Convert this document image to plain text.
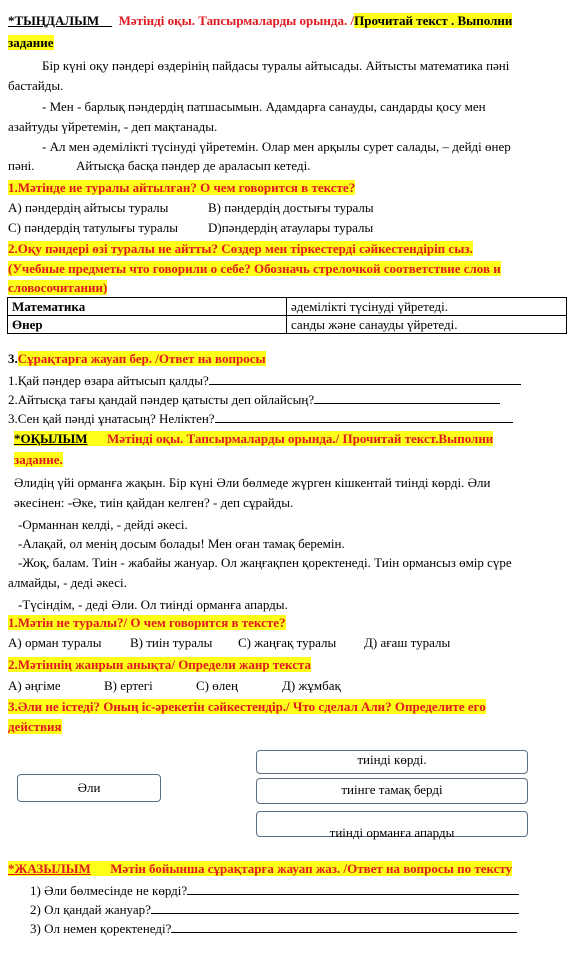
*ТЫҢДАЛЫМ Мәтінді оқы. Тапсырмаларды орында. /Прочитай текст . Выполни
задание
Бір күні оқу пәндері өздерінің пайдасы туралы айтысады. Айтысты математика пәні
бастайды.
- Мен - барлық пәндердің патшасымын. Адамдарға санауды, сандарды қосу мен
азайтуды үйретемін, - деп мақтанады.
- Ал мен әдемілікті түсінуді үйретемін. Олар мен арқылы сурет салады, – дейді өнер
пәні.	Айтысқа басқа пәндер де араласып кетеді.
1.Мәтінде не туралы айтылған? О чем говорится в тексте?
A) пәндердің айтысы туралы	B) пәндердің достығы туралы
C) пәндердің татулығы туралы D)пәндердің атаулары туралы
2.Оқу пәндері өзі туралы не айтты? Сөздер мен тіркестерді сәйкестендіріп сыз.
(Учебные предметы что говорили о себе? Обозначь стрелочкой соответствие слов и
словосочитании)
Математика	әдемілікті түсінуді үйретеді.
Өнер	санды және санауды үйретеді.
3.Сұрақтарға жауап бер. /Ответ на вопросы
1.Қай пәндер өзара айтысып қалды?
2.Айтысқа тағы қандай пәндер қатысты деп ойлайсың?
3.Сен қай пәнді ұнатасың? Неліктен?
*ОҚЫЛЫМ Мәтінді оқы. Тапсырмаларды орында./ Прочитай текст.Выполни
задание.
Әлидің үйі орманға жақын. Бір күні Әли бөлмеде жүрген кішкентай тиінді көрді. Әли
әкесінен: -Әке, тиін қайдан келген? - деп сұрайды.
-Орманнан келді, - дейді әкесі.
-Алақай, ол менің досым болады! Мен оған тамақ беремін.
-Жоқ, балам. Тиін - жабайы жануар. Ол жаңғақпен қоректенеді. Тиін ормансыз өмір сүре
алмайды, - деді әкесі.
-Түсіндім, - деді Әли. Ол тиінді орманға апарды.
1.Мәтін не туралы?/ О чем говорится в тексте?
A) орман туралы B) тиін туралы C) жаңғақ туралы Д) ағаш туралы
2.Мәтіннің жанрын анықта/ Определи жанр текста
A) әңгіме	B) ертегі	C) өлең	Д) жұмбақ
3.Әли не істеді? Оның іс-әрекетін сәйкестендір./ Что сделал Али? Определите его
действия
Әли
тиінді көрді.
тиінге тамақ берді
тиінді орманға апарды
*ЖАЗЫЛЫМ Мәтін бойынша сұрақтарға жауап жаз. /Ответ на вопросы по тексту
1) Әли бөлмесінде не көрді?
2) Ол қандай жануар?
3) Ол немен қоректенеді?
